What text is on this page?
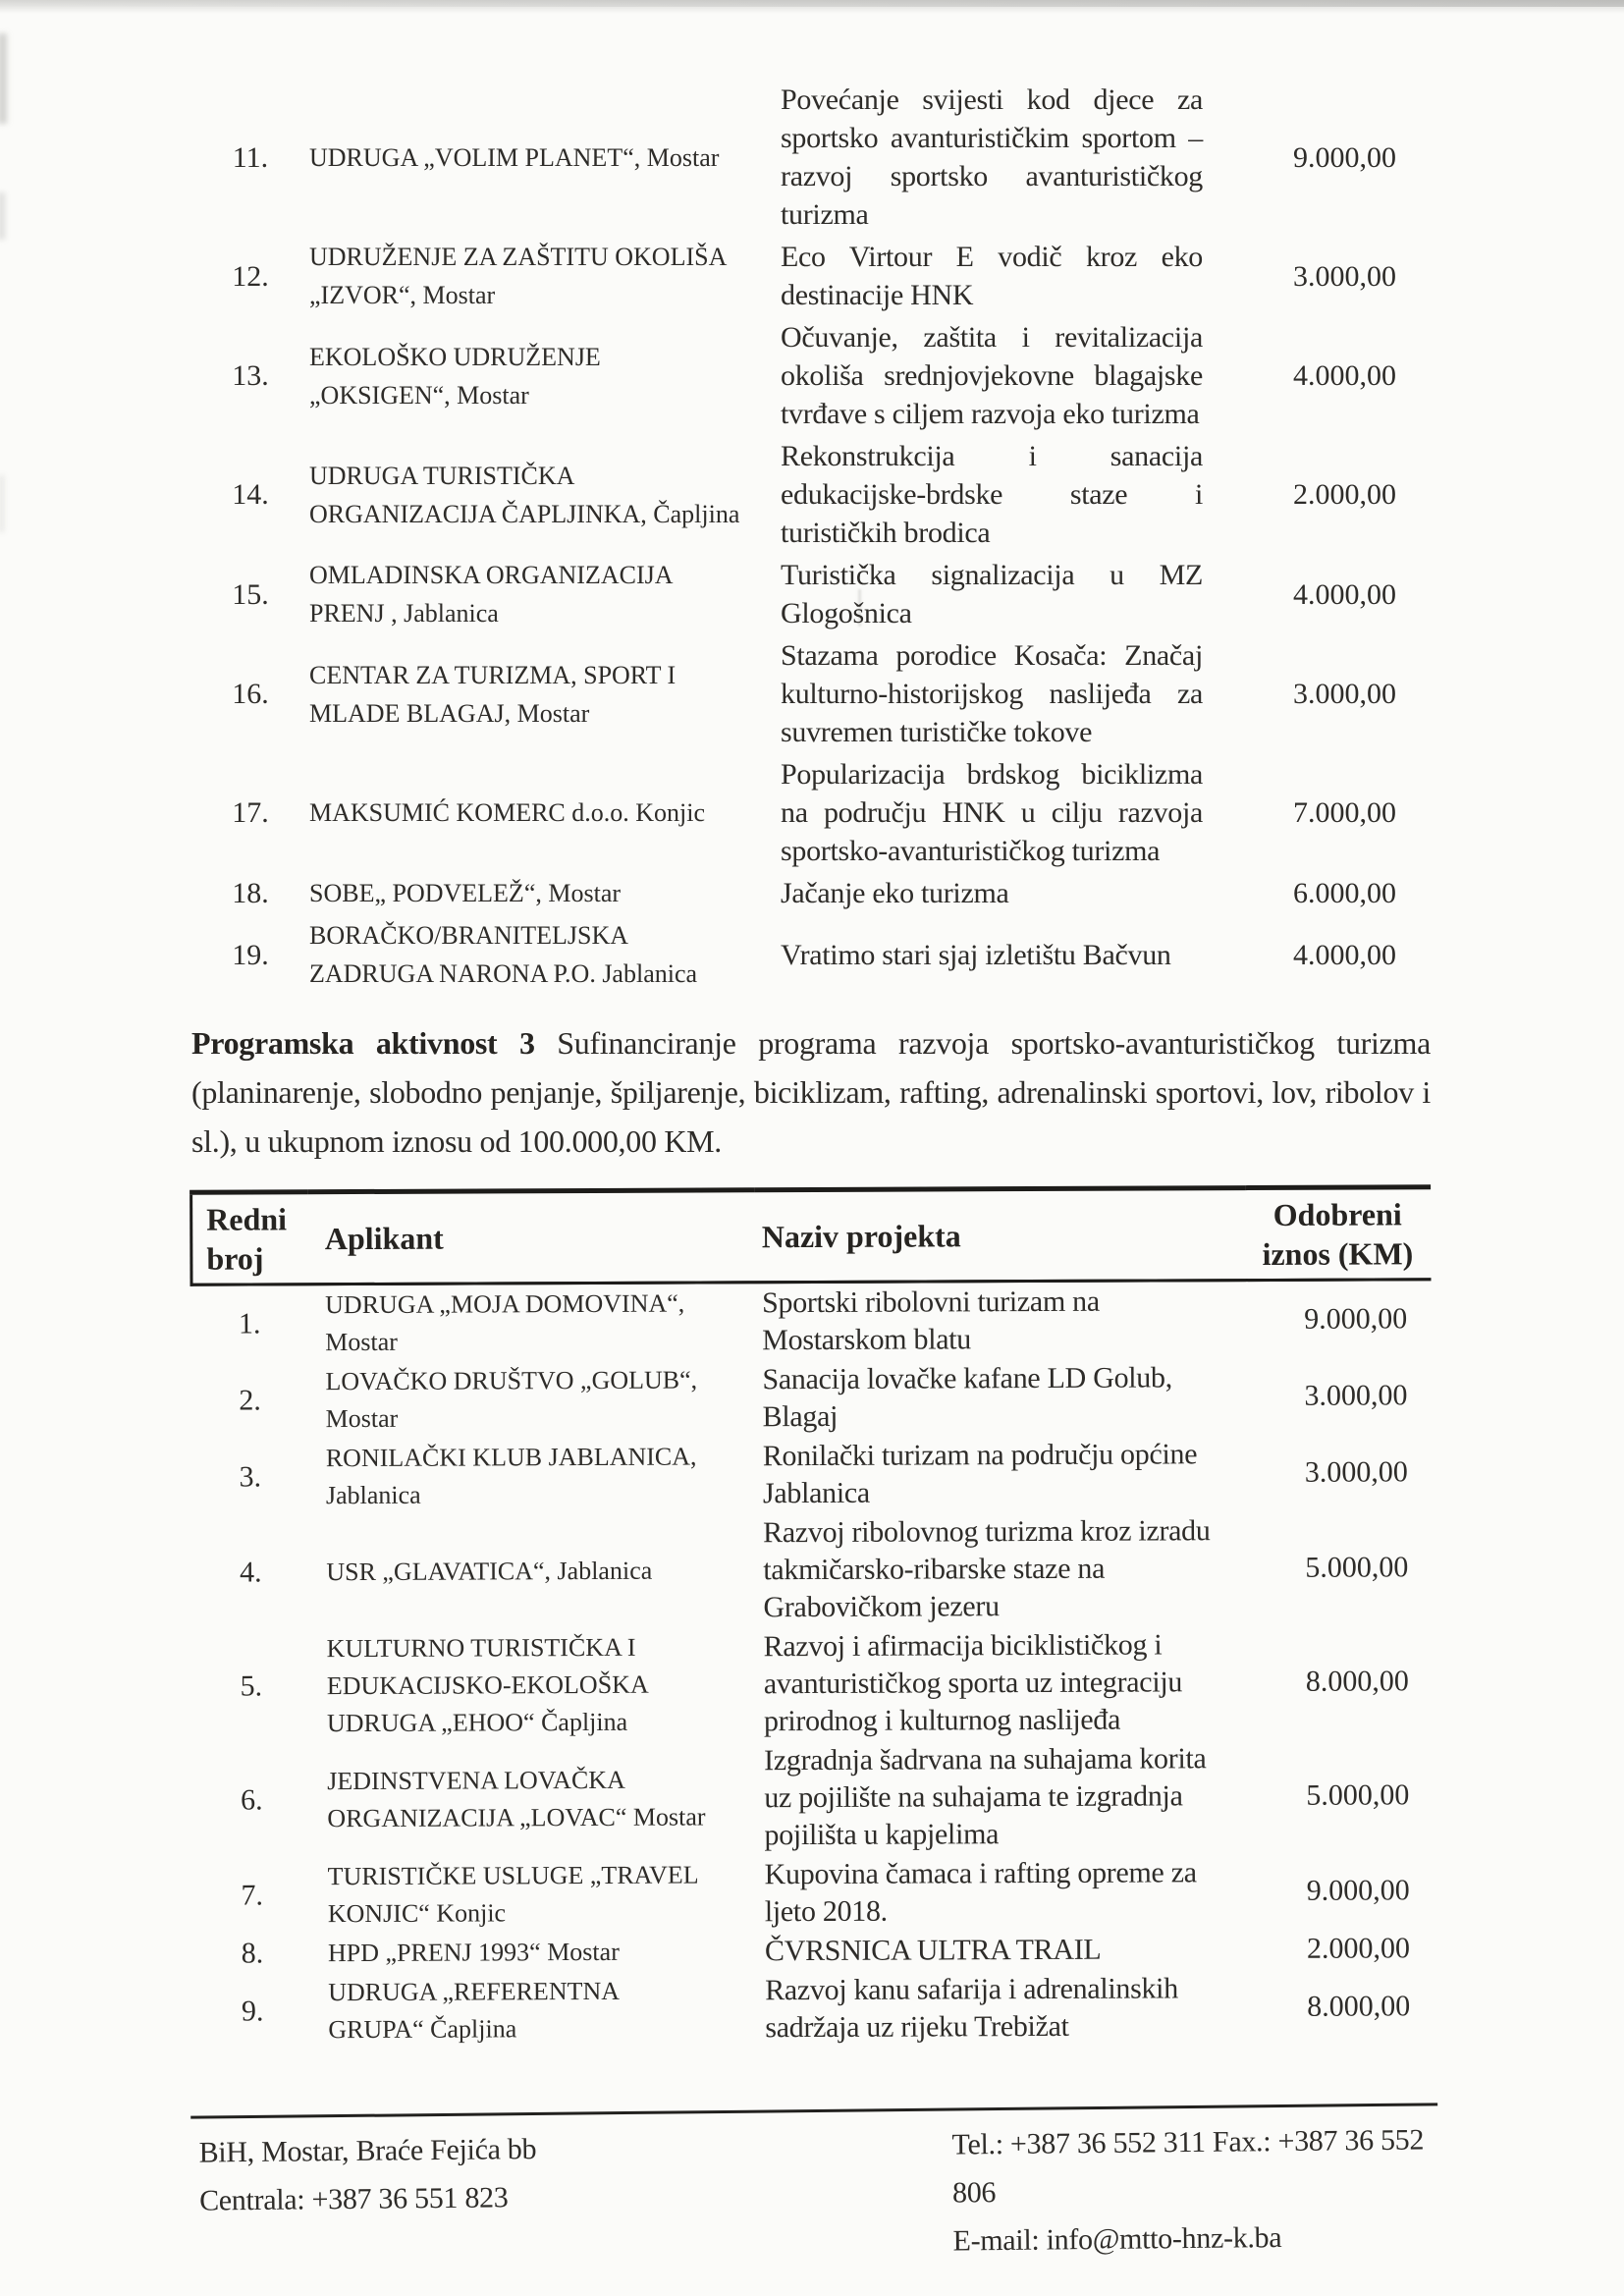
11.	UDRUGA „VOLIM PLANET“, Mostar	Povećanje svijesti kod djece za sportsko avanturističkim sportom – razvoj sportsko avanturističkog turizma	9.000,00
12.	UDRUŽENJE ZA ZAŠTITU OKOLIŠA „IZVOR“, Mostar	Eco Virtour E vodič kroz eko destinacije HNK	3.000,00
13.	EKOLOŠKO UDRUŽENJE „OKSIGEN“, Mostar	Očuvanje, zaštita i revitalizacija okoliša srednjovjekovne blagajske tvrđave s ciljem razvoja eko turizma	4.000,00
14.	UDRUGA TURISTIČKA ORGANIZACIJA ČAPLJINKA, Čapljina	Rekonstrukcija i sanacija edukacijske-brdske staze i turističkih brodica	2.000,00
15.	OMLADINSKA ORGANIZACIJA PRENJ , Jablanica	Turistička signalizacija u MZ Glogošnica	4.000,00
16.	CENTAR ZA TURIZMA, SPORT I MLADE BLAGAJ, Mostar	Stazama porodice Kosača: Značaj kulturno-historijskog naslijeđa za suvremen turističke tokove	3.000,00
17.	MAKSUMIĆ KOMERC d.o.o. Konjic	Popularizacija brdskog biciklizma na području HNK u cilju razvoja sportsko-avanturističkog turizma	7.000,00
18.	SOBE„ PODVELEŽ“, Mostar	Jačanje eko turizma	6.000,00
19.	BORAČKO/BRANITELJSKA ZADRUGA NARONA P.O. Jablanica	Vratimo stari sjaj izletištu Bačvun	4.000,00

Programska aktivnost 3 Sufinanciranje programa razvoja sportsko-avanturističkog turizma (planinarenje, slobodno penjanje, špiljarenje, biciklizam, rafting, adrenalinski sportovi, lov, ribolov i sl.), u ukupnom iznosu od 100.000,00 KM.

Redni broj	Aplikant	Naziv projekta	Odobreni iznos (KM)
1.	UDRUGA „MOJA DOMOVINA“, Mostar	Sportski ribolovni turizam na Mostarskom blatu	9.000,00
2.	LOVAČKO DRUŠTVO „GOLUB“, Mostar	Sanacija lovačke kafane LD Golub, Blagaj	3.000,00
3.	RONILAČKI KLUB JABLANICA, Jablanica	Ronilački turizam na području općine Jablanica	3.000,00
4.	USR „GLAVATICA“, Jablanica	Razvoj ribolovnog turizma kroz izradu takmičarsko-ribarske staze na Grabovičkom jezeru	5.000,00
5.	KULTURNO TURISTIČKA I EDUKACIJSKO-EKOLOŠKA UDRUGA „EHOO“ Čapljina	Razvoj i afirmacija biciklističkog i avanturističkog sporta uz integraciju prirodnog i kulturnog naslijeđa	8.000,00
6.	JEDINSTVENA LOVAČKA ORGANIZACIJA „LOVAC“ Mostar	Izgradnja šadrvana na suhajama korita uz pojilište na suhajama te izgradnja pojilišta u kapjelima	5.000,00
7.	TURISTIČKE USLUGE „TRAVEL KONJIC“ Konjic	Kupovina čamaca i rafting opreme za ljeto 2018.	9.000,00
8.	HPD „PRENJ 1993“ Mostar	ČVRSNICA ULTRA TRAIL	2.000,00
9.	UDRUGA „REFERENTNA GRUPA“ Čapljina	Razvoj kanu safarija i adrenalinskih sadržaja uz rijeku Trebižat	8.000,00
BiH, Mostar, Braće Fejića bb
Centrala: +387 36 551 823
Tel.: +387 36 552 311 Fax.: +387 36 552 806
E-mail: info@mtto-hnz-k.ba
